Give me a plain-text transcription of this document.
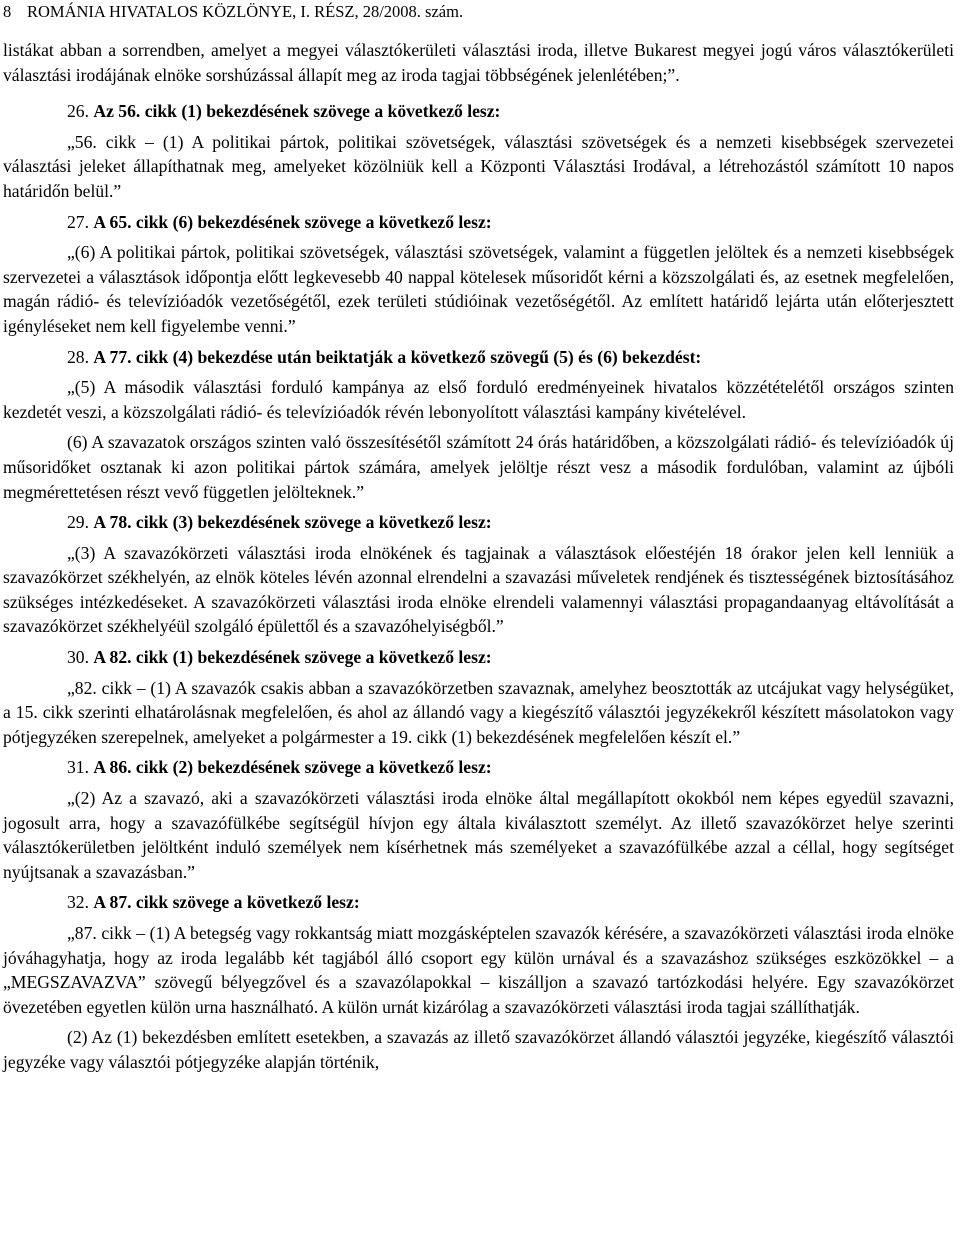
8 ROMÁNIA HIVATALOS KÖZLÖNYE, I. RÉSZ, 28/2008. szám.

listákat abban a sorrendben, amelyet a megyei választókerületi választási iroda, illetve Bukarest megyei jogú város választókerületi választási irodájának elnöke sorshúzással állapít meg az iroda tagjai többségének jelenlétében;”.

26. Az 56. cikk (1) bekezdésének szövege a következő lesz:

„56. cikk – (1) A politikai pártok, politikai szövetségek, választási szövetségek és a nemzeti kisebbségek szervezetei választási jeleket állapíthatnak meg, amelyeket közölniük kell a Központi Választási Irodával, a létrehozástól számított 10 napos határidőn belül.”

27. A 65. cikk (6) bekezdésének szövege a következő lesz:

„(6) A politikai pártok, politikai szövetségek, választási szövetségek, valamint a független jelöltek és a nemzeti kisebbségek szervezetei a választások időpontja előtt legkevesebb 40 nappal kötelesek műsoridőt kérni a közszolgálati és, az esetnek megfelelően, magán rádió- és televízióadók vezetőségétől, ezek területi stúdióinak vezetőségétől. Az említett határidő lejárta után előterjesztett igényléseket nem kell figyelembe venni.”

28. A 77. cikk (4) bekezdése után beiktatják a következő szövegű (5) és (6) bekezdést:

„(5) A második választási forduló kampánya az első forduló eredményeinek hivatalos közzétételétől országos szinten kezdetét veszi, a közszolgálati rádió- és televízióadók révén lebonyolított választási kampány kivételével.

(6) A szavazatok országos szinten való összesítésétől számított 24 órás határidőben, a közszolgálati rádió- és televízióadók új műsoridőket osztanak ki azon politikai pártok számára, amelyek jelöltje részt vesz a második fordulóban, valamint az újbóli megmérettetésen részt vevő független jelölteknek.”

29. A 78. cikk (3) bekezdésének szövege a következő lesz:

„(3) A szavazókörzeti választási iroda elnökének és tagjainak a választások előestéjén 18 órakor jelen kell lenniük a szavazókörzet székhelyén, az elnök köteles lévén azonnal elrendelni a szavazási műveletek rendjének és tisztességének biztosításához szükséges intézkedéseket. A szavazókörzeti választási iroda elnöke elrendeli valamennyi választási propagandaanyag eltávolítását a szavazókörzet székhelyéül szolgáló épülettől és a szavazóhelyiségből.”

30. A 82. cikk (1) bekezdésének szövege a következő lesz:

„82. cikk – (1) A szavazók csakis abban a szavazókörzetben szavaznak, amelyhez beosztották az utcájukat vagy helységüket, a 15. cikk szerinti elhatárolásnak megfelelően, és ahol az állandó vagy a kiegészítő választói jegyzékekről készített másolatokon vagy pótjegyzéken szerepelnek, amelyeket a polgármester a 19. cikk (1) bekezdésének megfelelően készít el.”

31. A 86. cikk (2) bekezdésének szövege a következő lesz:

„(2) Az a szavazó, aki a szavazókörzeti választási iroda elnöke által megállapított okokból nem képes egyedül szavazni, jogosult arra, hogy a szavazófülkébe segítségül hívjon egy általa kiválasztott személyt. Az illető szavazókörzet helye szerinti választókerületben jelöltként induló személyek nem kísérhetnek más személyeket a szavazófülkébe azzal a céllal, hogy segítséget nyújtsanak a szavazásban.”

32. A 87. cikk szövege a következő lesz:

„87. cikk – (1) A betegség vagy rokkantság miatt mozgásképtelen szavazók kérésére, a szavazókörzeti választási iroda elnöke jóváhagyhatja, hogy az iroda legalább két tagjából álló csoport egy külön urnával és a szavazáshoz szükséges eszközökkel – a „MEGSZAVAZVA” szövegű bélyegzővel és a szavazólapokkal – kiszálljon a szavazó tartózkodási helyére. Egy szavazókörzet övezetében egyetlen külön urna használható. A külön urnát kizárólag a szavazókörzeti választási iroda tagjai szállíthatják.

(2) Az (1) bekezdésben említett esetekben, a szavazás az illető szavazókörzet állandó választói jegyzéke, kiegészítő választói jegyzéke vagy választói pótjegyzéke alapján történik,
